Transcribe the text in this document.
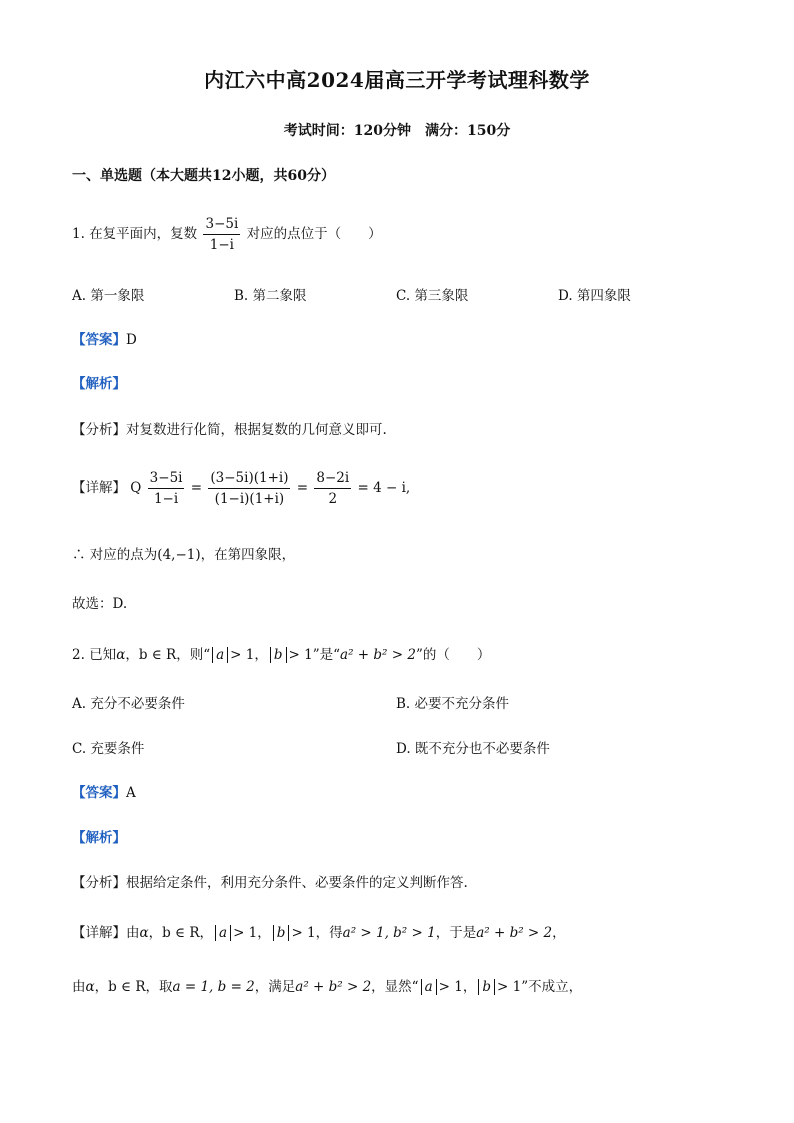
内江六中高2024届高三开学考试理科数学
考试时间：120分钟　满分：150分
一、单选题（本大题共12小题，共60分）
1. 在复平面内，复数 $\frac{3-5i}{1-i}$ 对应的点位于（　　）
A. 第一象限	B. 第二象限	C. 第三象限	D. 第四象限
【答案】D
【解析】
【分析】对复数进行化简，根据复数的几何意义即可.
【详解】 Q $\frac{3-5i}{1-i} = \frac{(3-5i)(1+i)}{(1-i)(1+i)} = \frac{8-2i}{2} = 4 - i$,
∴ 对应的点为(4,−1)，在第四象限，
故选：D.
2. 已知α，b ∈ R，则“ a > 1， b > 1”是“a² + b² > 2”的（　　）
A. 充分不必要条件	B. 必要不充分条件
C. 充要条件	D. 既不充分也不必要条件
【答案】A
【解析】
【分析】根据给定条件，利用充分条件、必要条件的定义判断作答.
【详解】由α，b ∈ R， a > 1， b > 1，得a² > 1, b² > 1，于是a² + b² > 2，
由α，b ∈ R，取a = 1, b = 2，满足a² + b² > 2，显然“ a > 1， b > 1”不成立，
